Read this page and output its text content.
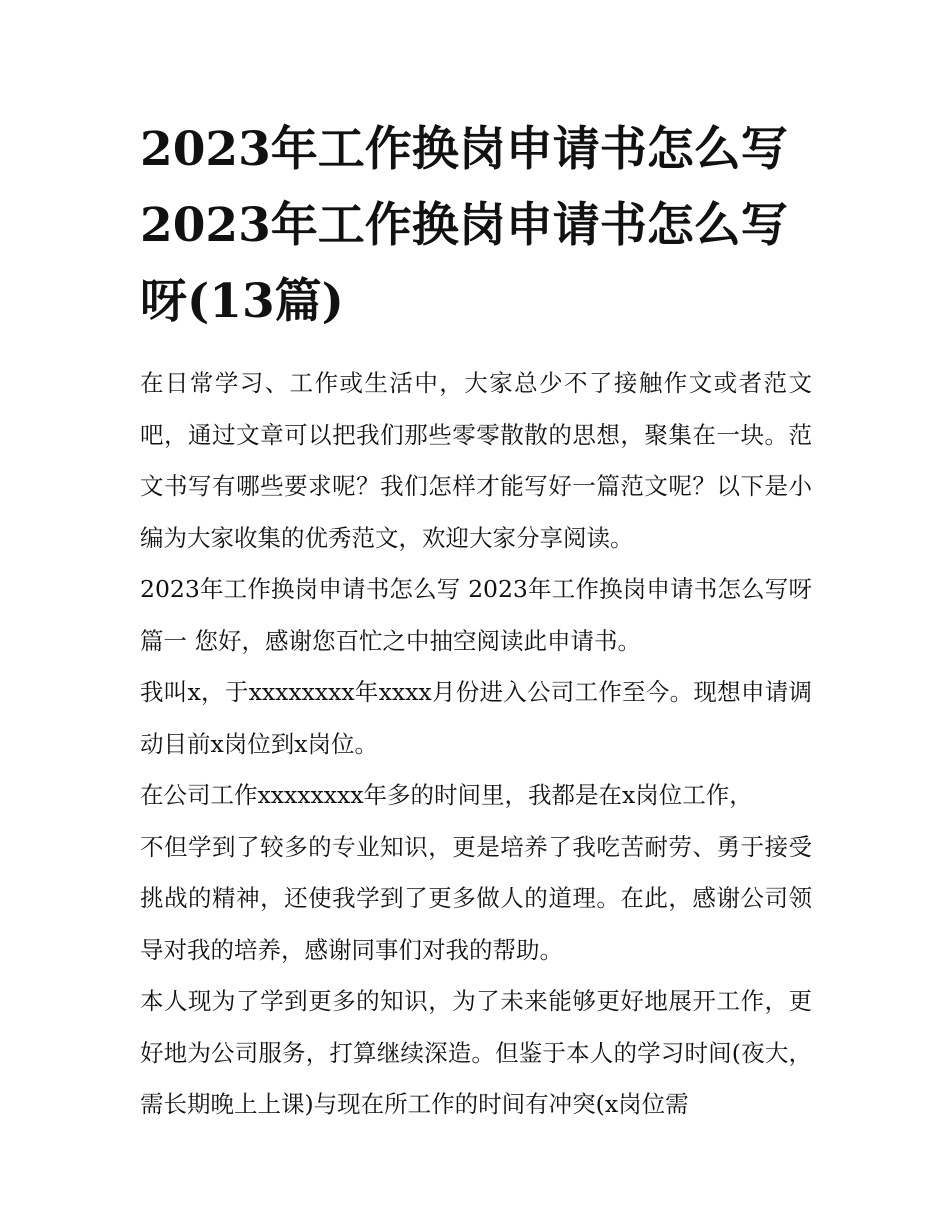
2023年工作换岗申请书怎么写 2023年工作换岗申请书怎么写呀(13篇)

在日常学习、工作或生活中，大家总少不了接触作文或者范文吧，通过文章可以把我们那些零零散散的思想，聚集在一块。范文书写有哪些要求呢？我们怎样才能写好一篇范文呢？以下是小编为大家收集的优秀范文，欢迎大家分享阅读。

2023年工作换岗申请书怎么写 2023年工作换岗申请书怎么写呀篇一 您好，感谢您百忙之中抽空阅读此申请书。

我叫x，于xxxxxxxx年xxxx月份进入公司工作至今。现想申请调动目前x岗位到x岗位。

在公司工作xxxxxxxx年多的时间里，我都是在x岗位工作，

不但学到了较多的专业知识，更是培养了我吃苦耐劳、勇于接受挑战的精神，还使我学到了更多做人的道理。在此，感谢公司领导对我的培养，感谢同事们对我的帮助。

本人现为了学到更多的知识，为了未来能够更好地展开工作，更好地为公司服务，打算继续深造。但鉴于本人的学习时间(夜大，需长期晚上上课)与现在所工作的时间有冲突(x岗位需
